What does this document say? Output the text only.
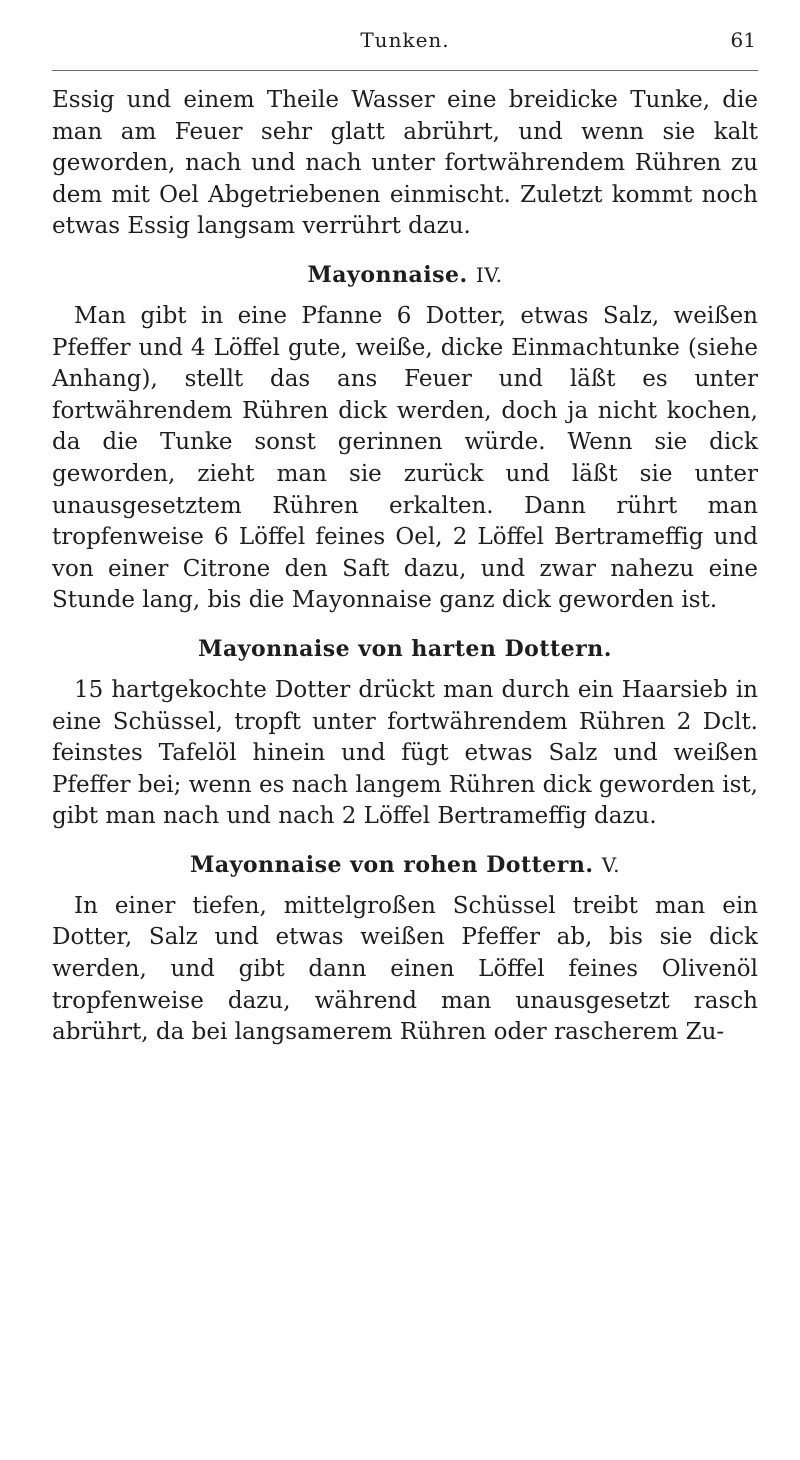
Tunken.	61

Essig und einem Theile Wasser eine breidicke Tunke, die man am Feuer sehr glatt abrührt, und wenn sie kalt geworden, nach und nach unter fortwährendem Rühren zu dem mit Oel Abgetriebenen einmischt. Zuletzt kommt noch etwas Essig langsam verrührt dazu.

Mayonnaise. IV.

Man gibt in eine Pfanne 6 Dotter, etwas Salz, weißen Pfeffer und 4 Löffel gute, weiße, dicke Einmachtunke (siehe Anhang), stellt das ans Feuer und läßt es unter fortwährendem Rühren dick werden, doch ja nicht kochen, da die Tunke sonst gerinnen würde. Wenn sie dick geworden, zieht man sie zurück und läßt sie unter unausgesetztem Rühren erkalten. Dann rührt man tropfenweise 6 Löffel feines Oel, 2 Löffel Bertrameffig und von einer Citrone den Saft dazu, und zwar nahezu eine Stunde lang, bis die Mayonnaise ganz dick geworden ist.

Mayonnaise von harten Dottern.

15 hartgekochte Dotter drückt man durch ein Haarsieb in eine Schüssel, tropft unter fortwährendem Rühren 2 Dclt. feinstes Tafelöl hinein und fügt etwas Salz und weißen Pfeffer bei; wenn es nach langem Rühren dick geworden ist, gibt man nach und nach 2 Löffel Bertrameffig dazu.

Mayonnaise von rohen Dottern. V.

In einer tiefen, mittelgroßen Schüssel treibt man ein Dotter, Salz und etwas weißen Pfeffer ab, bis sie dick werden, und gibt dann einen Löffel feines Olivenöl tropfenweise dazu, während man unausgesetzt rasch abrührt, da bei langsamerem Rühren oder rascherem Zu-
